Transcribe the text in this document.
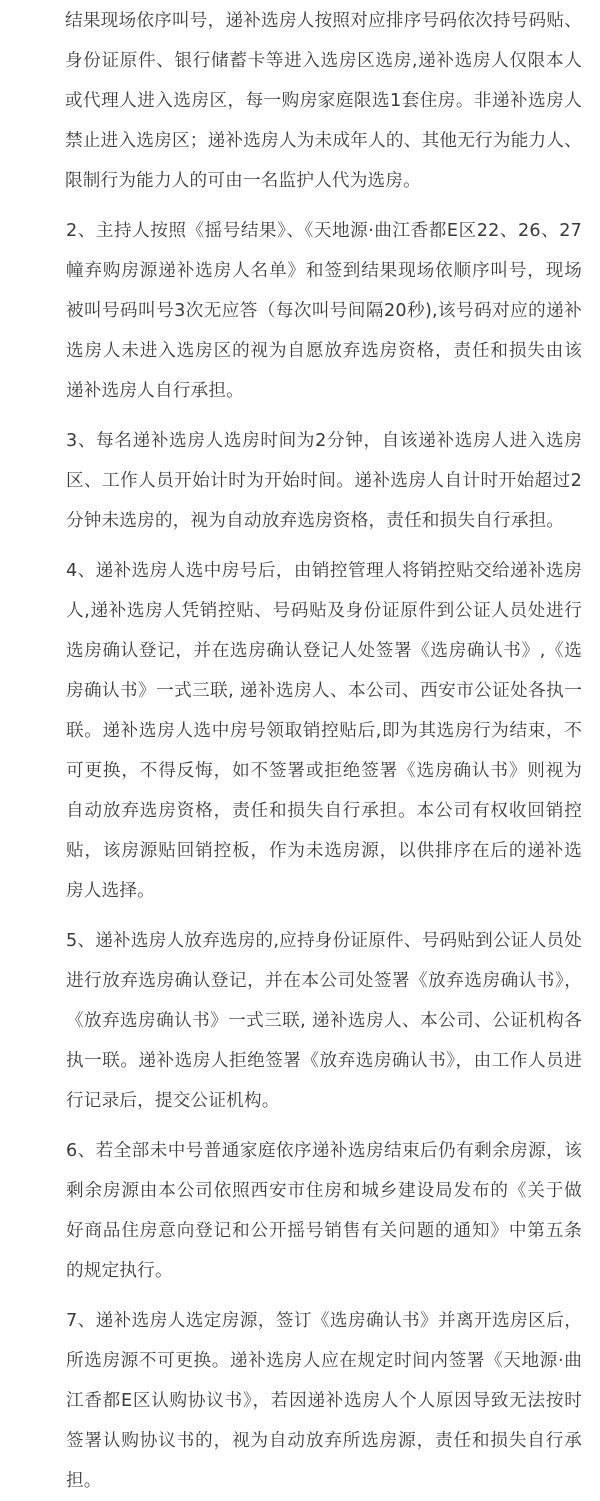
结果现场依序叫号，递补选房人按照对应排序号码依次持号码贴、身份证原件、银行储蓄卡等进入选房区选房,递补选房人仅限本人或代理人进入选房区，每一购房家庭限选1套住房。非递补选房人禁止进入选房区；递补选房人为未成年人的、其他无行为能力人、限制行为能力人的可由一名监护人代为选房。

2、主持人按照《摇号结果》、《天地源·曲江香都E区22、26、27幢弃购房源递补选房人名单》和签到结果现场依顺序叫号，现场被叫号码叫号3次无应答（每次叫号间隔20秒),该号码对应的递补选房人未进入选房区的视为自愿放弃选房资格，责任和损失由该递补选房人自行承担。

3、每名递补选房人选房时间为2分钟，自该递补选房人进入选房区、工作人员开始计时为开始时间。递补选房人自计时开始超过2分钟未选房的，视为自动放弃选房资格，责任和损失自行承担。

4、递补选房人选中房号后，由销控管理人将销控贴交给递补选房人,递补选房人凭销控贴、号码贴及身份证原件到公证人员处进行选房确认登记，并在选房确认登记人处签署《选房确认书》,《选房确认书》一式三联, 递补选房人、本公司、西安市公证处各执一联。递补选房人选中房号领取销控贴后,即为其选房行为结束，不可更换，不得反悔，如不签署或拒绝签署《选房确认书》则视为自动放弃选房资格，责任和损失自行承担。本公司有权收回销控贴，该房源贴回销控板，作为未选房源，以供排序在后的递补选房人选择。

5、递补选房人放弃选房的,应持身份证原件、号码贴到公证人员处进行放弃选房确认登记，并在本公司处签署《放弃选房确认书》，《放弃选房确认书》一式三联, 递补选房人、本公司、公证机构各执一联。递补选房人拒绝签署《放弃选房确认书》，由工作人员进行记录后，提交公证机构。

6、若全部未中号普通家庭依序递补选房结束后仍有剩余房源，该剩余房源由本公司依照西安市住房和城乡建设局发布的《关于做好商品住房意向登记和公开摇号销售有关问题的通知》中第五条的规定执行。

7、递补选房人选定房源，签订《选房确认书》并离开选房区后，所选房源不可更换。递补选房人应在规定时间内签署《天地源·曲江香都E区认购协议书》，若因递补选房人个人原因导致无法按时签署认购协议书的，视为自动放弃所选房源，责任和损失自行承担。
